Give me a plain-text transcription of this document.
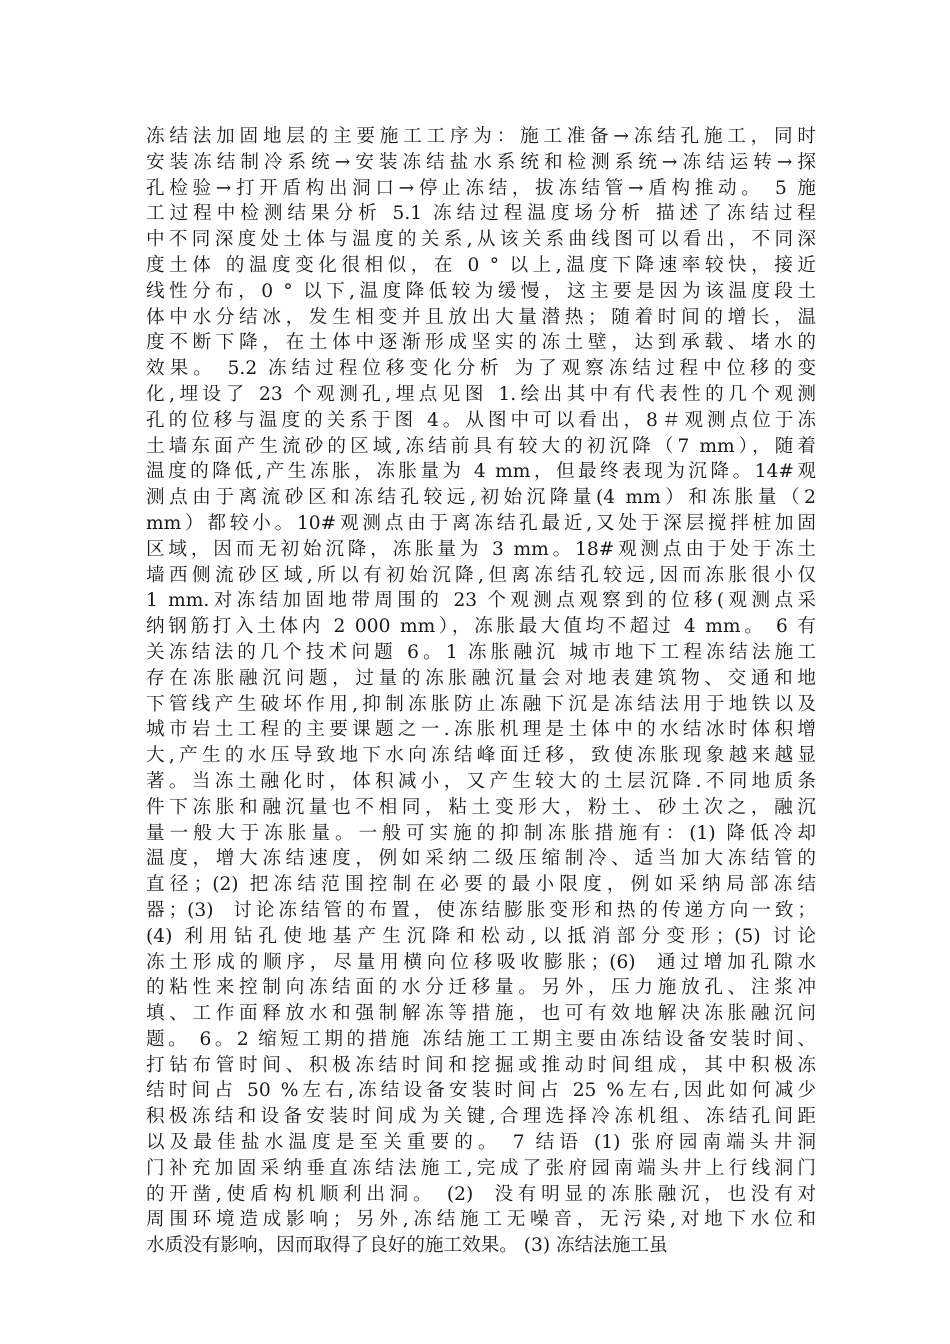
冻结法加固地层的主要施工工序为：施工准备→冻结孔施工，同时
安装冻结制冷系统→安装冻结盐水系统和检测系统→冻结运转→探
孔检验→打开盾构出洞口→停止冻结，拔冻结管→盾构推动。 5 施
工过程中检测结果分析 5.1 冻结过程温度场分析 描述了冻结过程
中不同深度处土体与温度的关系,从该关系曲线图可以看出，不同深
度土体 的温度变化很相似，在 0 ° 以上,温度下降速率较快，接近
线性分布，0 ° 以下,温度降低较为缓慢，这主要是因为该温度段土
体中水分结冰，发生相变并且放出大量潜热；随着时间的增长，温
度不断下降，在土体中逐渐形成坚实的冻土壁，达到承载、堵水的
效果。 5.2 冻结过程位移变化分析 为了观察冻结过程中位移的变
化,埋设了 23 个观测孔,埋点见图 1.绘出其中有代表性的几个观测
孔的位移与温度的关系于图 4。从图中可以看出，8＃观测点位于冻
土墙东面产生流砂的区域,冻结前具有较大的初沉降（7 mm），随着
温度的降低,产生冻胀，冻胀量为 4 mm，但最终表现为沉降。14#观
测点由于离流砂区和冻结孔较远,初始沉降量(4 mm）和冻胀量（2
mm）都较小。10#观测点由于离冻结孔最近,又处于深层搅拌桩加固
区域，因而无初始沉降，冻胀量为 3 mm。18#观测点由于处于冻土
墙西侧流砂区域,所以有初始沉降,但离冻结孔较远,因而冻胀很小仅
1 mm.对冻结加固地带周围的 23 个观测点观察到的位移(观测点采
纳钢筋打入土体内 2 000 mm），冻胀最大值均不超过 4 mm。 6 有
关冻结法的几个技术问题 6。1 冻胀融沉 城市地下工程冻结法施工
存在冻胀融沉问题，过量的冻胀融沉量会对地表建筑物、交通和地
下管线产生破坏作用,抑制冻胀防止冻融下沉是冻结法用于地铁以及
城市岩土工程的主要课题之一.冻胀机理是土体中的水结冰时体积增
大,产生的水压导致地下水向冻结峰面迁移，致使冻胀现象越来越显
著。当冻土融化时，体积减小，又产生较大的土层沉降.不同地质条
件下冻胀和融沉量也不相同，粘土变形大，粉土、砂土次之，融沉
量一般大于冻胀量。一般可实施的抑制冻胀措施有：(1) 降低冷却
温度，增大冻结速度，例如采纳二级压缩制冷、适当加大冻结管的
直径；(2) 把冻结范围控制在必要的最小限度，例如采纳局部冻结
器；(3)  讨论冻结管的布置，使冻结膨胀变形和热的传递方向一致；
(4) 利用钻孔使地基产生沉降和松动,以抵消部分变形；(5) 讨论
冻土形成的顺序，尽量用横向位移吸收膨胀；(6)  通过增加孔隙水
的粘性来控制向冻结面的水分迁移量。另外，压力施放孔、注浆冲
填、工作面释放水和强制解冻等措施，也可有效地解决冻胀融沉问
题。 6。2 缩短工期的措施 冻结施工工期主要由冻结设备安装时间、
打钻布管时间、积极冻结时间和挖掘或推动时间组成，其中积极冻
结时间占 50 %左右,冻结设备安装时间占 25 %左右,因此如何减少
积极冻结和设备安装时间成为关键,合理选择冷冻机组、冻结孔间距
以及最佳盐水温度是至关重要的。 7 结语 (1) 张府园南端头井洞
门补充加固采纳垂直冻结法施工,完成了张府园南端头井上行线洞门
的开凿,使盾构机顺利出洞。 (2)  没有明显的冻胀融沉，也没有对
周围环境造成影响；另外,冻结施工无噪音，无污染,对地下水位和
水质没有影响，因而取得了良好的施工效果。 (3) 冻结法施工虽
